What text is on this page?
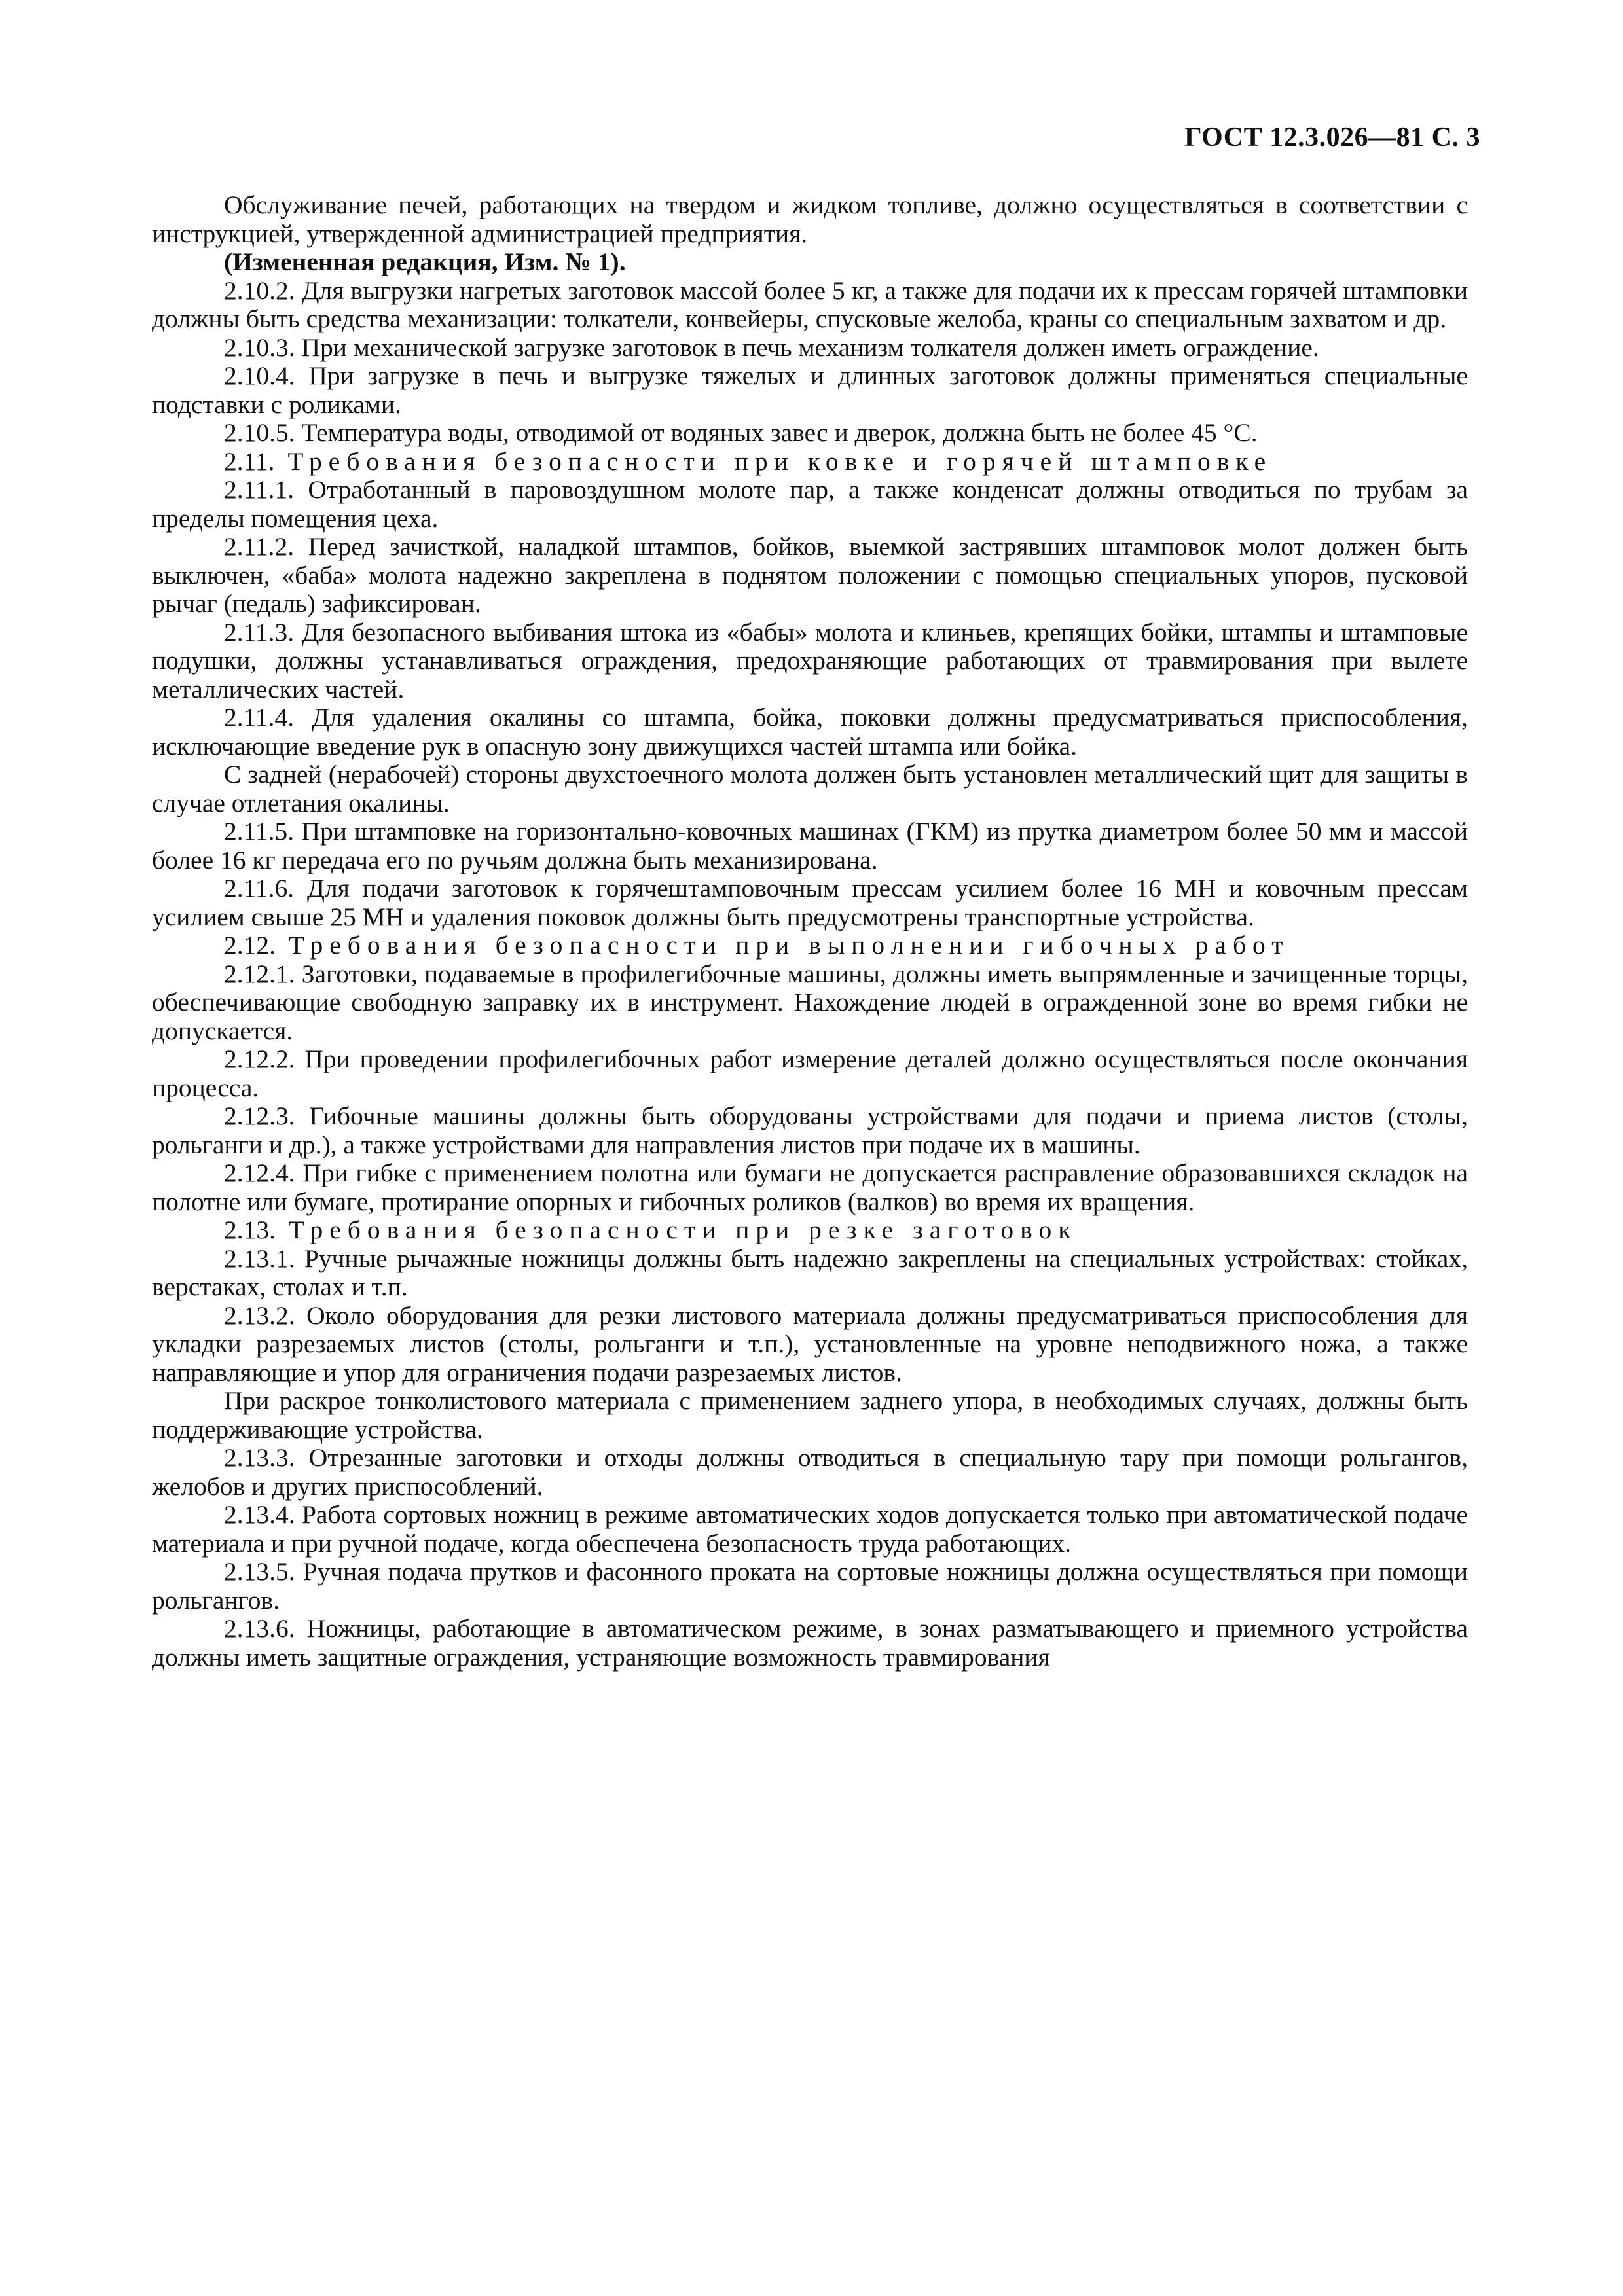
ГОСТ 12.3.026—81 С. 3

Обслуживание печей, работающих на твердом и жидком топливе, должно осуществляться в соответствии с инструкцией, утвержденной администрацией предприятия.

(Измененная редакция, Изм. № 1).

2.10.2. Для выгрузки нагретых заготовок массой более 5 кг, а также для подачи их к прессам горячей штамповки должны быть средства механизации: толкатели, конвейеры, спусковые желоба, краны со специальным захватом и др.

2.10.3. При механической загрузке заготовок в печь механизм толкателя должен иметь ограждение.

2.10.4. При загрузке в печь и выгрузке тяжелых и длинных заготовок должны применяться специальные подставки с роликами.

2.10.5. Температура воды, отводимой от водяных завес и дверок, должна быть не более 45 °С.

2.11. Требования безопасности при ковке и горячей штамповке

2.11.1. Отработанный в паровоздушном молоте пар, а также конденсат должны отводиться по трубам за пределы помещения цеха.

2.11.2. Перед зачисткой, наладкой штампов, бойков, выемкой застрявших штамповок молот должен быть выключен, «баба» молота надежно закреплена в поднятом положении с помощью специальных упоров, пусковой рычаг (педаль) зафиксирован.

2.11.3. Для безопасного выбивания штока из «бабы» молота и клиньев, крепящих бойки, штампы и штамповые подушки, должны устанавливаться ограждения, предохраняющие работающих от травмирования при вылете металлических частей.

2.11.4. Для удаления окалины со штампа, бойка, поковки должны предусматриваться приспособления, исключающие введение рук в опасную зону движущихся частей штампа или бойка.

С задней (нерабочей) стороны двухстоечного молота должен быть установлен металлический щит для защиты в случае отлетания окалины.

2.11.5. При штамповке на горизонтально-ковочных машинах (ГКМ) из прутка диаметром более 50 мм и массой более 16 кг передача его по ручьям должна быть механизирована.

2.11.6. Для подачи заготовок к горячештамповочным прессам усилием более 16 МН и ковочным прессам усилием свыше 25 МН и удаления поковок должны быть предусмотрены транспортные устройства.

2.12. Требования безопасности при выполнении гибочных работ

2.12.1. Заготовки, подаваемые в профилегибочные машины, должны иметь выпрямленные и зачищенные торцы, обеспечивающие свободную заправку их в инструмент. Нахождение людей в огражденной зоне во время гибки не допускается.

2.12.2. При проведении профилегибочных работ измерение деталей должно осуществляться после окончания процесса.

2.12.3. Гибочные машины должны быть оборудованы устройствами для подачи и приема листов (столы, рольганги и др.), а также устройствами для направления листов при подаче их в машины.

2.12.4. При гибке с применением полотна или бумаги не допускается расправление образовавшихся складок на полотне или бумаге, протирание опорных и гибочных роликов (валков) во время их вращения.

2.13. Требования безопасности при резке заготовок

2.13.1. Ручные рычажные ножницы должны быть надежно закреплены на специальных устройствах: стойках, верстаках, столах и т.п.

2.13.2. Около оборудования для резки листового материала должны предусматриваться приспособления для укладки разрезаемых листов (столы, рольганги и т.п.), установленные на уровне неподвижного ножа, а также направляющие и упор для ограничения подачи разрезаемых листов.

При раскрое тонколистового материала с применением заднего упора, в необходимых случаях, должны быть поддерживающие устройства.

2.13.3. Отрезанные заготовки и отходы должны отводиться в специальную тару при помощи рольгангов, желобов и других приспособлений.

2.13.4. Работа сортовых ножниц в режиме автоматических ходов допускается только при автоматической подаче материала и при ручной подаче, когда обеспечена безопасность труда работающих.

2.13.5. Ручная подача прутков и фасонного проката на сортовые ножницы должна осуществляться при помощи рольгангов.

2.13.6. Ножницы, работающие в автоматическом режиме, в зонах разматывающего и приемного устройства должны иметь защитные ограждения, устраняющие возможность травмирования
